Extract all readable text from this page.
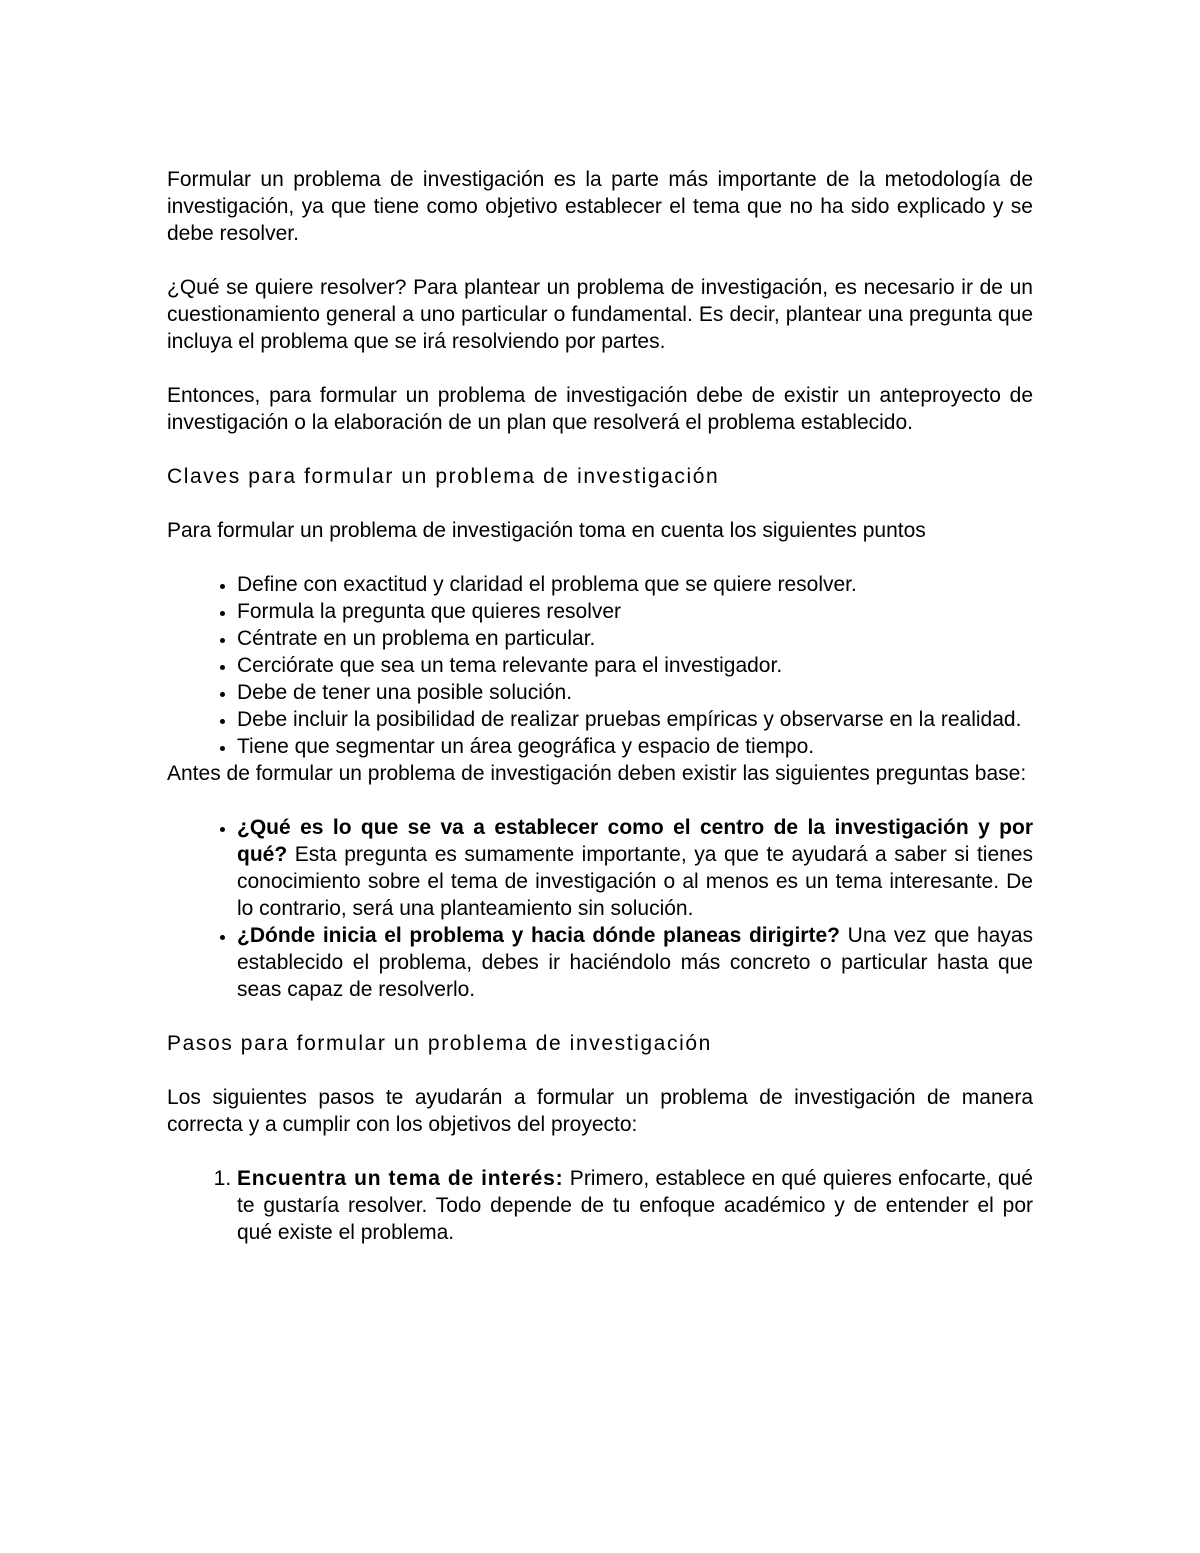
Formular un problema de investigación es la parte más importante de la metodología de investigación, ya que tiene como objetivo establecer el tema que no ha sido explicado y se debe resolver.

¿Qué se quiere resolver? Para plantear un problema de investigación, es necesario ir de un cuestionamiento general a uno particular o fundamental. Es decir, plantear una pregunta que incluya el problema que se irá resolviendo por partes.

Entonces, para formular un problema de investigación debe de existir un anteproyecto de investigación o la elaboración de un plan que resolverá el problema establecido.

Claves para formular un problema de investigación

Para formular un problema de investigación toma en cuenta los siguientes puntos

• Define con exactitud y claridad el problema que se quiere resolver.
• Formula la pregunta que quieres resolver
• Céntrate en un problema en particular.
• Cerciórate que sea un tema relevante para el investigador.
• Debe de tener una posible solución.
• Debe incluir la posibilidad de realizar pruebas empíricas y observarse en la realidad.
• Tiene que segmentar un área geográfica y espacio de tiempo.

Antes de formular un problema de investigación deben existir las siguientes preguntas base:

• ¿Qué es lo que se va a establecer como el centro de la investigación y por qué? Esta pregunta es sumamente importante, ya que te ayudará a saber si tienes conocimiento sobre el tema de investigación o al menos es un tema interesante. De lo contrario, será una planteamiento sin solución.
• ¿Dónde inicia el problema y hacia dónde planeas dirigirte? Una vez que hayas establecido el problema, debes ir haciéndolo más concreto o particular hasta que seas capaz de resolverlo.

Pasos para formular un problema de investigación

Los siguientes pasos te ayudarán a formular un problema de investigación de manera correcta y a cumplir con los objetivos del proyecto:

1. Encuentra un tema de interés: Primero, establece en qué quieres enfocarte, qué te gustaría resolver. Todo depende de tu enfoque académico y de entender el por qué existe el problema.
